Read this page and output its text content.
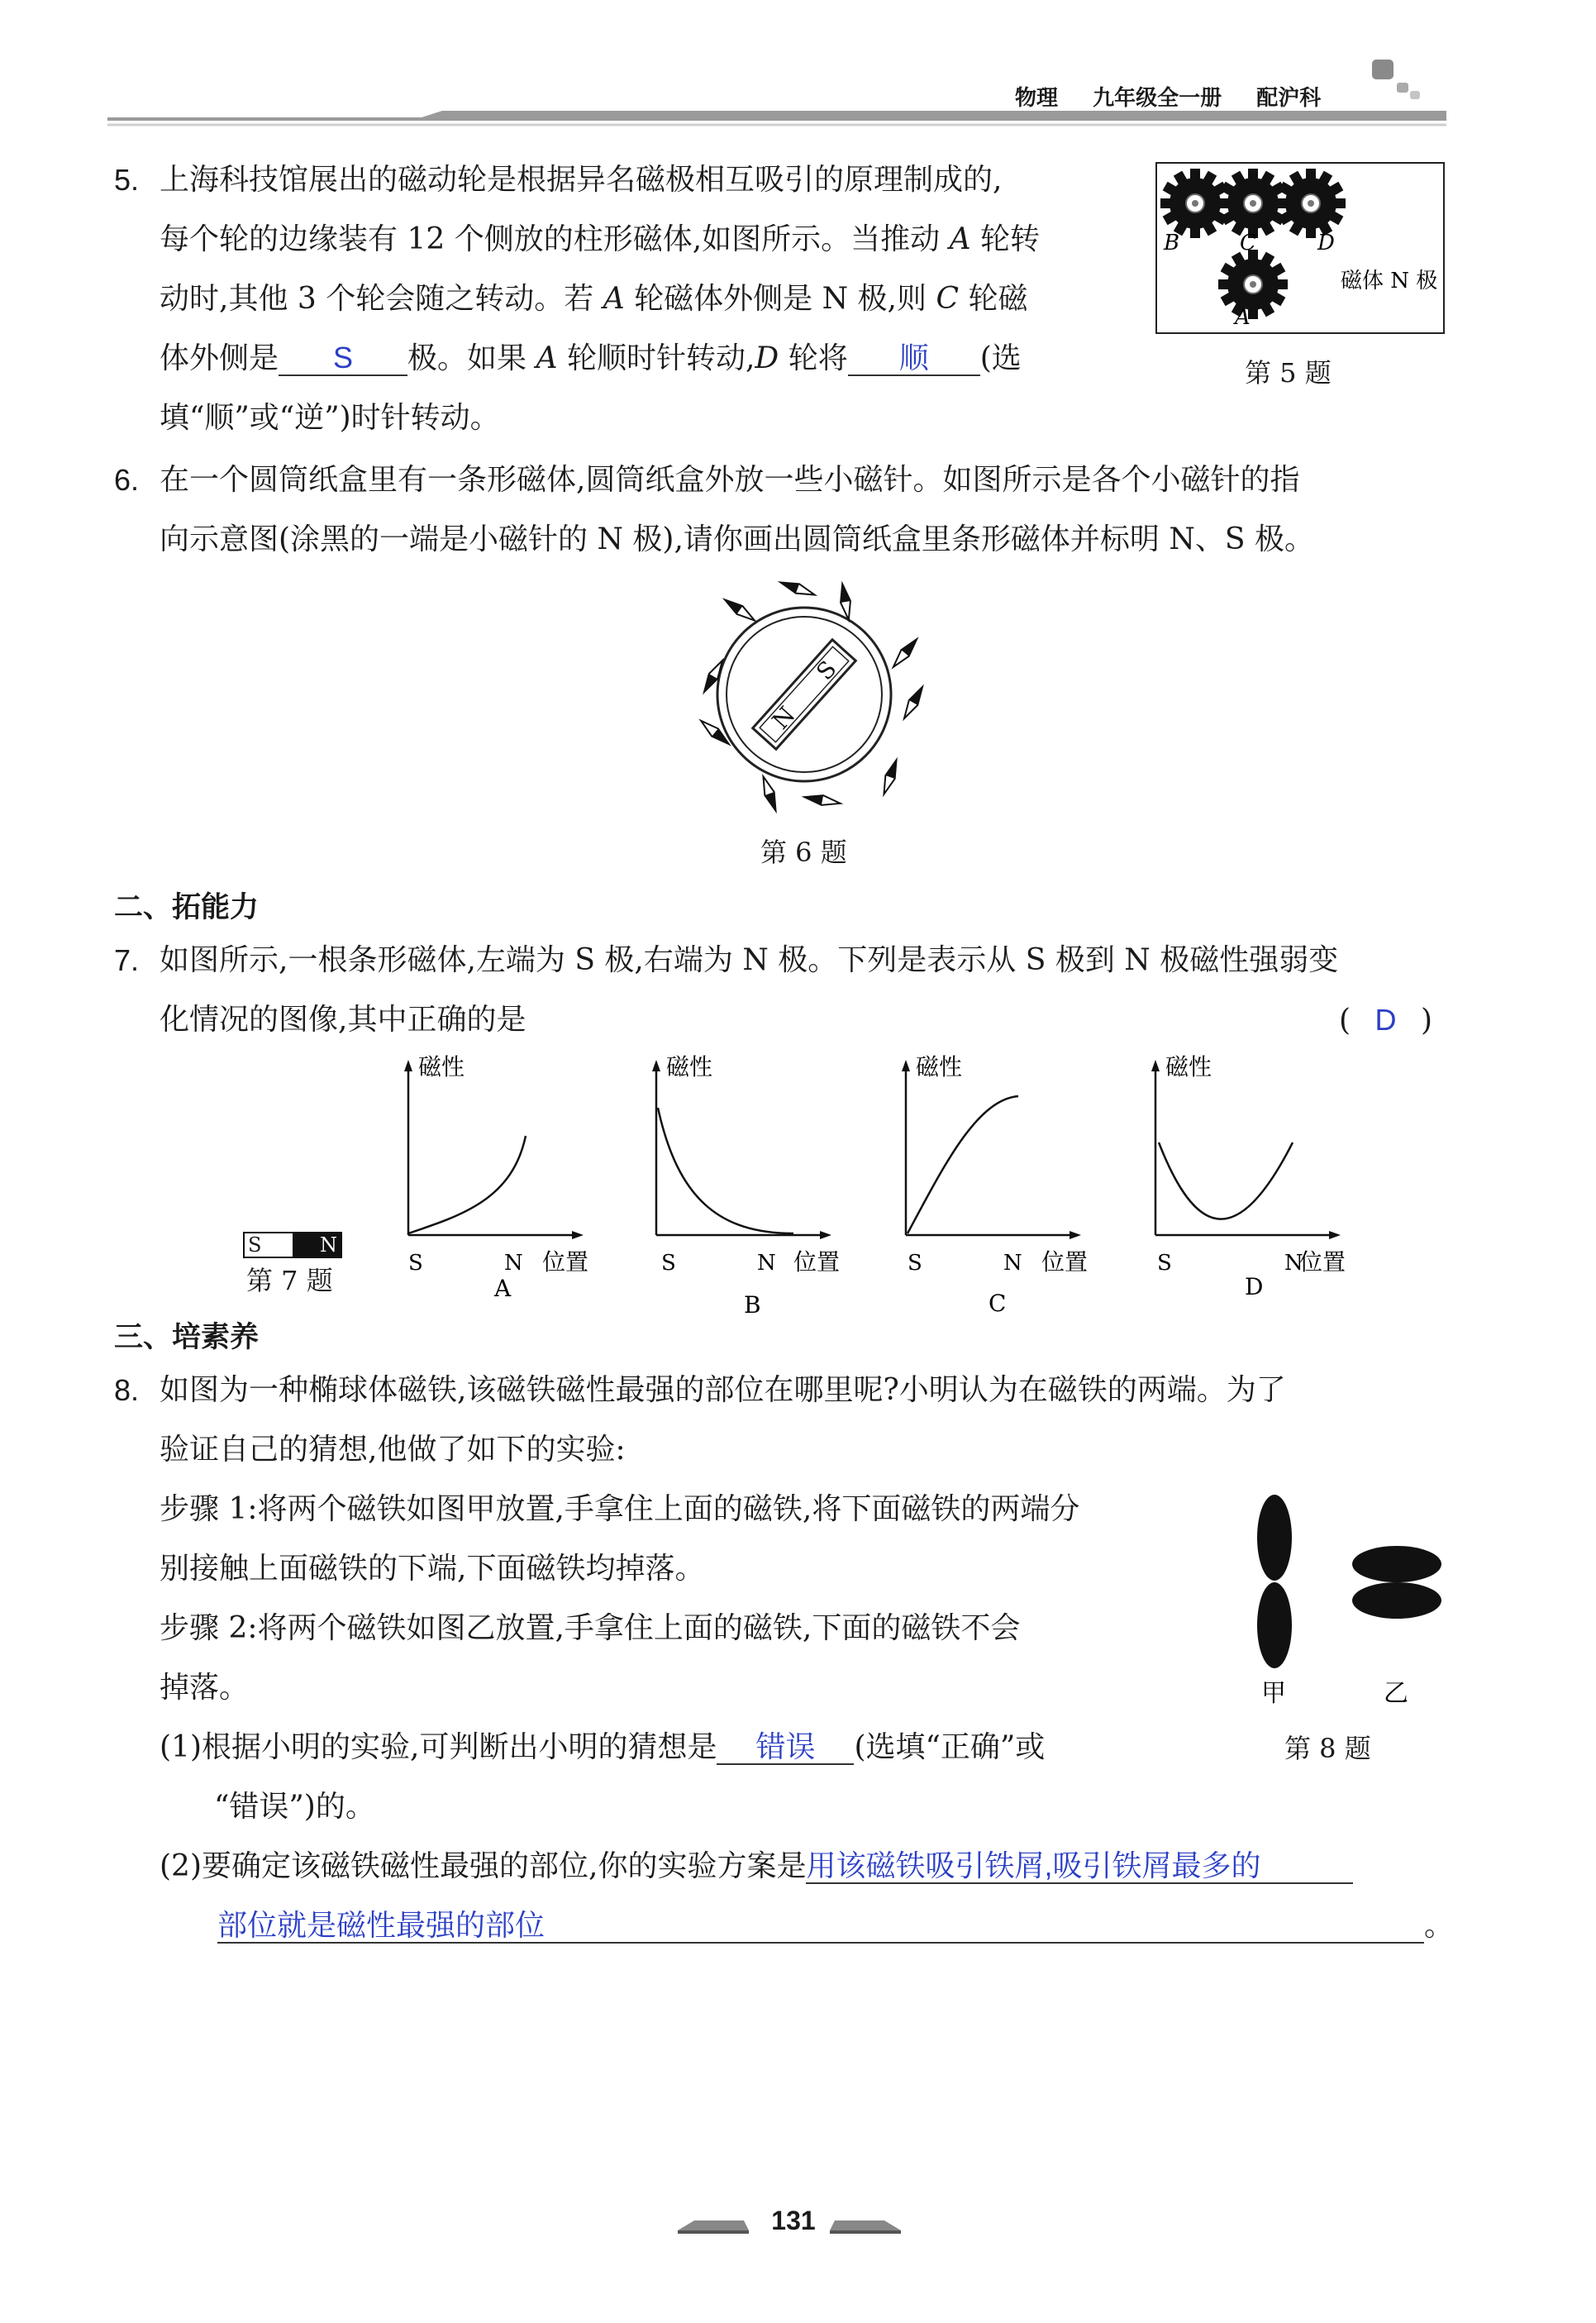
物理 九年级全一册 配沪科
5. 上海科技馆展出的磁动轮是根据异名磁极相互吸引的原理制成的,
每个轮的边缘装有 12 个侧放的柱形磁体,如图所示。当推动 A 轮转
动时,其他 3 个轮会随之转动。若 A 轮磁体外侧是 N 极,则 C 轮磁
体外侧是 S 极。如果 A 轮顺时针转动,D 轮将 顺 (选
填“顺”或“逆”)时针转动。
B	C	D
A
磁体 N 极
第 5 题
6. 在一个圆筒纸盒里有一条形磁体,圆筒纸盒外放一些小磁针。如图所示是各个小磁针的指
向示意图(涂黑的一端是小磁针的 N 极),请你画出圆筒纸盒里条形磁体并标明 N、S 极。
N
S
第 6 题
二、拓能力
7. 如图所示,一根条形磁体,左端为 S 极,右端为 N 极。下列是表示从 S 极到 N 极磁性强弱变
化情况的图像,其中正确的是	( D )
S	N
第 7 题
磁性
S	N 位置
A
磁性
S	N 位置
B
磁性
S	N 位置
C
磁性
S	N
位置
D
三、培素养
8. 如图为一种椭球体磁铁,该磁铁磁性最强的部位在哪里呢?小明认为在磁铁的两端。为了
验证自己的猜想,他做了如下的实验:
步骤 1:将两个磁铁如图甲放置,手拿住上面的磁铁,将下面磁铁的两端分
别接触上面磁铁的下端,下面磁铁均掉落。
步骤 2:将两个磁铁如图乙放置,手拿住上面的磁铁,下面的磁铁不会
掉落。
(1)根据小明的实验,可判断出小明的猜想是 错误 (选填“正确”或
“错误”)的。
(2)要确定该磁铁磁性最强的部位,你的实验方案是用该磁铁吸引铁屑,吸引铁屑最多的
部位就是磁性最强的部位	。
甲	乙
第 8 题
131
